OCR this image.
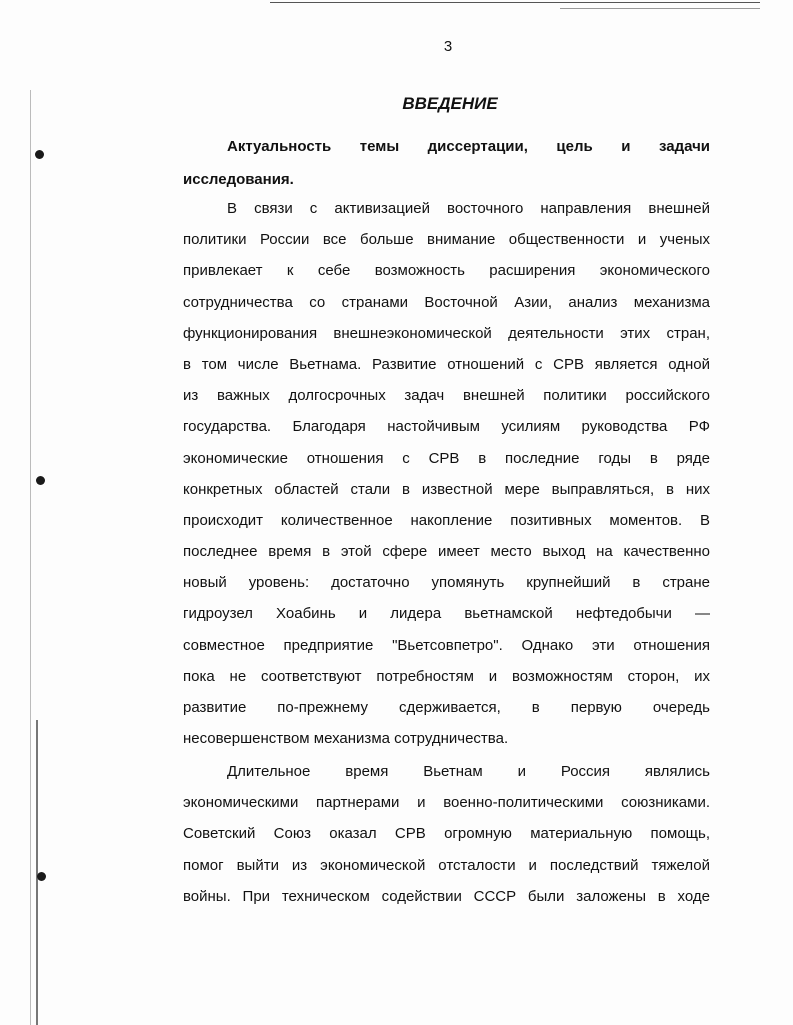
3
ВВЕДЕНИЕ
Актуальность темы диссертации, цель и задачи
исследования.
В связи с активизацией восточного направления внешней
политики России все больше внимание общественности и ученых
привлекает к себе возможность расширения экономического
сотрудничества со странами Восточной Азии, анализ механизма
функционирования внешнеэкономической деятельности этих стран,
в том числе Вьетнама. Развитие отношений с СРВ является одной
из важных долгосрочных задач внешней политики российского
государства. Благодаря настойчивым усилиям руководства РФ
экономические отношения с СРВ в последние годы в ряде
конкретных областей стали в известной мере выправляться, в них
происходит количественное накопление позитивных моментов. В
последнее время в этой сфере имеет место выход на качественно
новый уровень: достаточно упомянуть крупнейший в стране
гидроузел Хоабинь и лидера вьетнамской нефтедобычи —
совместное предприятие "Вьетсовпетро". Однако эти отношения
пока не соответствуют потребностям и возможностям сторон, их
развитие по-прежнему сдерживается, в первую очередь
несовершенством механизма сотрудничества.
Длительное время Вьетнам и Россия являлись
экономическими партнерами и военно-политическими союзниками.
Советский Союз оказал СРВ огромную материальную помощь,
помог выйти из экономической отсталости и последствий тяжелой
войны. При техническом содействии СССР были заложены в ходе
